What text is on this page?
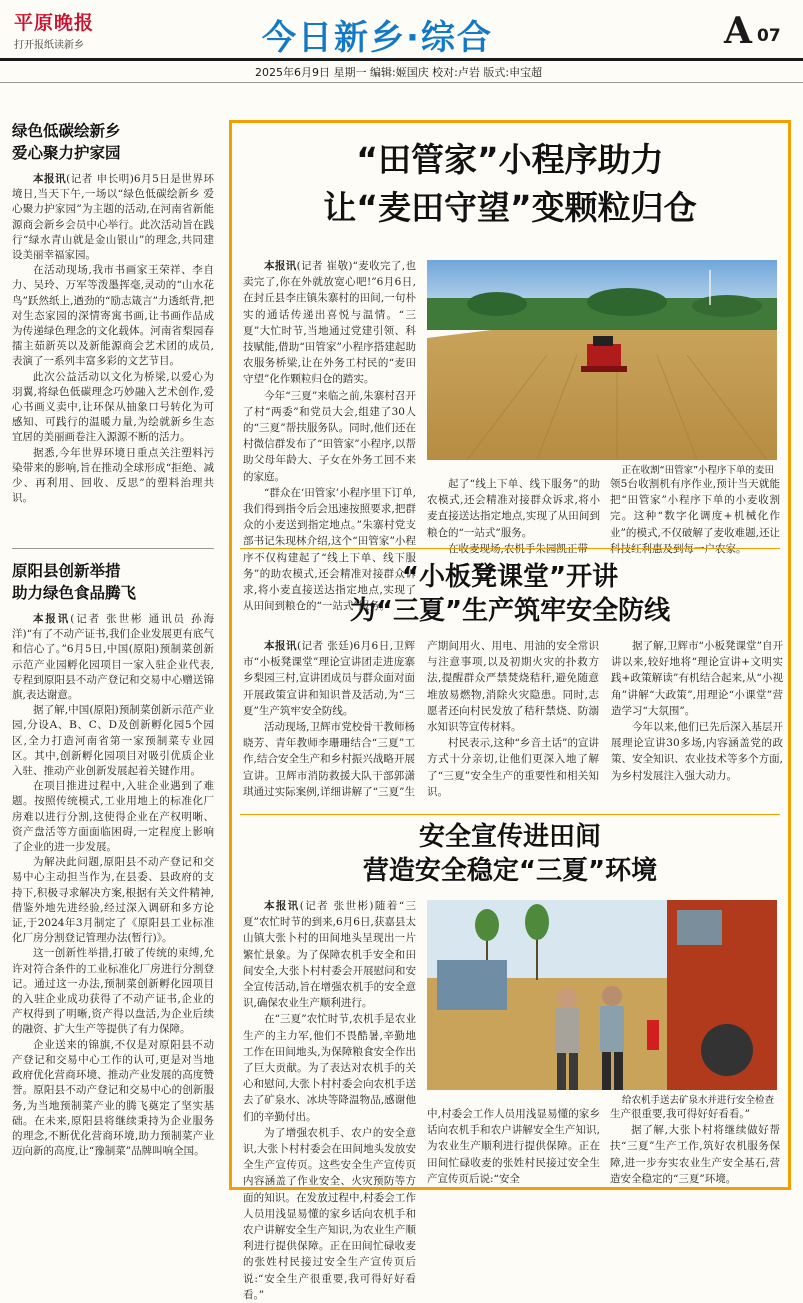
平原晚报
打开报纸读新乡	今日新乡·综合	A 07
2025年6月9日 星期一 编辑:姬国庆 校对:卢岩 版式:申宝超
绿色低碳绘新乡
爱心聚力护家园

本报讯(记者 申长明)6月5日是世界环境日,当天下午,一场以“绿色低碳绘新乡 爱心聚力护家园”为主题的活动,在河南省新能源商会新乡会员中心举行。此次活动旨在践行“绿水青山就是金山银山”的理念,共同建设美丽幸福家园。

在活动现场,我市书画家王荣祥、李自力、吴玲、万军等泼墨挥毫,灵动的“山水花鸟”跃然纸上,遒劲的“励志箴言”力透纸背,把对生态家园的深情寄寓书画,让书画作品成为传递绿色理念的文化载体。河南省梨园春擂主茹新英以及新能源商会艺术团的成员,表演了一系列丰富多彩的文艺节目。

此次公益活动以文化为桥梁,以爱心为羽翼,将绿色低碳理念巧妙融入艺术创作,爱心书画义卖中,让环保从抽象口号转化为可感知、可践行的温暖力量,为绘就新乡生态宜居的美丽画卷注入源源不断的活力。

据悉,今年世界环境日重点关注塑料污染带来的影响,旨在推动全球形成“拒绝、减少、再利用、回收、反思”的塑料治理共识。

原阳县创新举措
助力绿色食品腾飞

本报讯(记者 张世彬 通讯员 孙海洋)“有了不动产证书,我们企业发展更有底气和信心了。”6月5日,中国(原阳)预制菜创新示范产业园孵化园项目一家入驻企业代表,专程到原阳县不动产登记和交易中心赠送锦旗,表达谢意。

据了解,中国(原阳)预制菜创新示范产业园,分设A、B、C、D及创新孵化园5个园区,全力打造河南省第一家预制菜专业园区。其中,创新孵化园项目对吸引优质企业入驻、推动产业创新发展起着关键作用。

在项目推进过程中,入驻企业遇到了难题。按照传统模式,工业用地上的标准化厂房难以进行分割,这使得企业在产权明晰、资产盘活等方面面临困碍,一定程度上影响了企业的进一步发展。

为解决此问题,原阳县不动产登记和交易中心主动担当作为,在县委、县政府的支持下,积极寻求解决方案,根据有关文件精神,借鉴外地先进经验,经过深入调研和多方论证,于2024年3月制定了《原阳县工业标准化厂房分割登记管理办法(暂行)》。

这一创新性举措,打破了传统的束缚,允许对符合条件的工业标准化厂房进行分割登记。通过这一办法,预制菜创新孵化园项目的入驻企业成功获得了不动产证书,企业的产权得到了明晰,资产得以盘活,为企业后续的融资、扩大生产等提供了有力保障。

企业送来的锦旗,不仅是对原阳县不动产登记和交易中心工作的认可,更是对当地政府优化营商环境、推动产业发展的高度赞誉。原阳县不动产登记和交易中心的创新服务,为当地预制菜产业的腾飞奠定了坚实基础。在未来,原阳县将继续秉持为企业服务的理念,不断优化营商环境,助力预制菜产业迈向新的高度,让“豫制菜”品牌叫响全国。

“田管家”小程序助力
让“麦田守望”变颗粒归仓

本报讯(记者 崔敬)“麦收完了,也卖完了,你在外就放宽心吧!”6月6日,在封丘县李庄镇朱寨村的田间,一句朴实的通话传递出喜悦与温情。“三夏”大忙时节,当地通过党建引领、科技赋能,借助“田管家”小程序搭建起助农服务桥梁,让在外务工村民的“麦田守望”化作颗粒归仓的踏实。

今年“三夏”来临之前,朱寨村召开了村“两委”和党员大会,组建了30人的“三夏”帮扶服务队。同时,他们还在村微信群发布了“田管家”小程序,以帮助父母年龄大、子女在外务工回不来的家庭。

“群众在‘田管家’小程序里下订单,我们得到指令后会迅速按照要求,把群众的小麦送到指定地点。”朱寨村党支部书记朱现林介绍,这个“田管家”小程序不仅构建起了“线上下单、线下服务”的助农模式,还会精准对接群众诉求,将小麦直接送达指定地点,实现了从田间到粮仓的“一站式”服务。

正在收割“田管家”小程序下单的麦田

起了“线上下单、线下服务”的助农模式,还会精准对接群众诉求,将小麦直接送达指定地点,实现了从田间到粮仓的“一站式”服务。

领5台收割机有序作业,预计当天就能把“田管家”小程序下单的小麦收割完。这种“数字化调度+机械化作业”的模式,不仅破解了麦收难题,还让

“小板凳课堂”开讲
为“三夏”生产筑牢安全防线

本报讯(记者 张廷)6月6日,卫辉市“小板凳课堂”理论宣讲团走进庞寨乡梨园三村,宣讲团成员与群众面对面开展政策宣讲和知识普及活动,为“三夏”生产筑牢安全防线。

活动现场,卫辉市党校骨干教师杨晓芳、青年教师李珊珊结合“三夏”工作,结合安全生产和乡村振兴战略开展宣讲。卫辉市消防救援大队干部郭潇琪通过实际案例,详细讲解了“三夏”生产期间用火、用电、用油的安全常识与注意事项,以及初期火灾的扑救方法,提醒群众严禁焚烧秸秆,避免随意堆放易燃物,消除火灾隐患。同时,志愿者还向村民发放了秸秆禁烧、防溺水知识等宣传材料。

村民表示,这种“乡音土话”的宣讲方式十分亲切,让他们更深入地了解了“三夏”安全生产的重要性和相关知识。

据了解,卫辉市“小板凳课堂”自开讲以来,较好地将“理论宣讲+文明实践+政策解读”有机结合起来,从“小视角”讲解“大政策”,用理论“小课堂”营造学习“大氛围”。

今年以来,他们已先后深入基层开展理论宣讲30多场,内容涵盖党的政策、安全知识、农业技术等多个方面,为乡村发展注入强大动力。

安全宣传进田间
营造安全稳定“三夏”环境

本报讯(记者 张世彬)随着“三夏”农忙时节的到来,6月6日,获嘉县太山镇大张卜村的田间地头呈现出一片繁忙景象。为了保障农机手安全和田间安全,大张卜村村委会开展慰问和安全宣传活动,旨在增强农机手的安全意识,确保农业生产顺利进行。

在“三夏”农忙时节,农机手是农业生产的主力军,他们不畏酷暑,辛勤地工作在田间地头,为保障粮食安全作出了巨大贡献。为了表达对农机手的关心和慰问,大张卜村村委会向农机手送去了矿泉水、冰块等降温物品,感谢他们的辛勤付出。

为了增强农机手、农户的安全意识,大张卜村村委会在田间地头发放安全生产宣传页。这些安全生产宣传页内容涵盖了作业安全、火灾预防等方面的知识。在发放过程中,村委会工作人员用浅显易懂的家乡话向农机手和农户讲解安全生产知识,为农业生产顺利进行提供保障。正在田间忙碌收麦的张姓村民接过安全生产宣传页后说:“安全生产很重要,我可得好好看看。”

给农机手送去矿泉水并进行安全检查

中,村委会工作人员用浅显易懂的家乡话向农机手和农户讲解安全生产知识,为农业生产顺利进行提供保障。正在田间忙碌收麦的张姓村民接过安全生产宣传页后说:“安全

生产很重要,我可得好好看看。”

据了解,大张卜村将继续做好帮扶“三夏”生产工作,筑好农机服务保障,进一步夯实农业生产安全基石,营造安全稳定的“三夏”环境。
